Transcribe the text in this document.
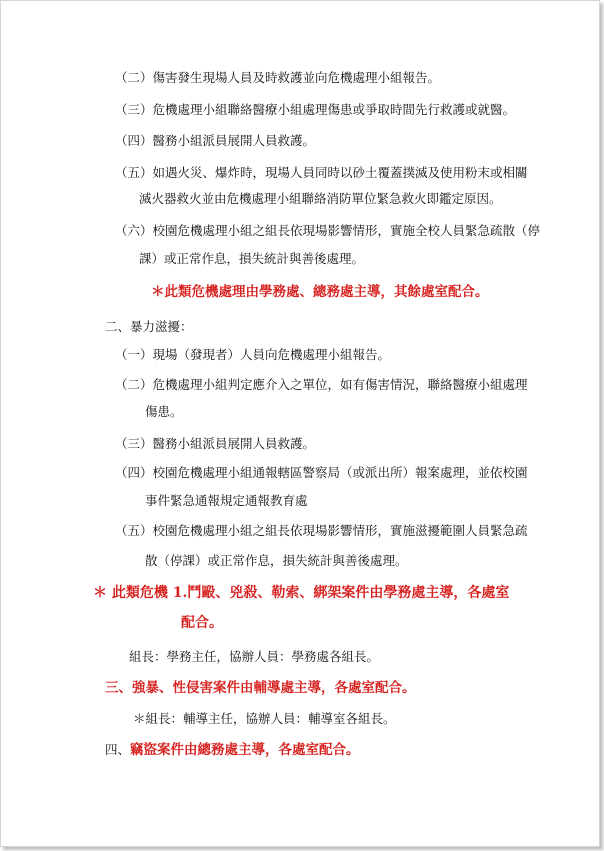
（二）傷害發生現場人員及時救護並向危機處理小組報告。
（三）危機處理小組聯絡醫療小組處理傷患或爭取時間先行救護或就醫。
（四）醫務小組派員展開人員救護。
（五）如遇火災、爆炸時，現場人員同時以砂土覆蓋撲滅及使用粉末或相關
滅火器救火並由危機處理小組聯絡消防單位緊急救火即鑑定原因。
（六）校園危機處理小組之組長依現場影響情形，實施全校人員緊急疏散（停
課）或正常作息，損失統計與善後處理。
＊此類危機處理由學務處、總務處主導，其餘處室配合。
二、暴力滋擾：
（一）現場（發現者）人員向危機處理小組報告。
（二）危機處理小組判定應介入之單位，如有傷害情況，聯絡醫療小組處理
傷患。
（三）醫務小組派員展開人員救護。
（四）校園危機處理小組通報轄區警察局（或派出所）報案處理，並依校園
事件緊急通報規定通報教育處
（五）校園危機處理小組之組長依現場影響情形，實施滋擾範圍人員緊急疏
散（停課）或正常作息，損失統計與善後處理。
＊ 此類危機 1.鬥毆、兇殺、勒索、綁架案件由學務處主導，各處室
配合。
組長：學務主任，協辦人員：學務處各組長。
三、強暴、性侵害案件由輔導處主導，各處室配合。
＊組長：輔導主任，協辦人員：輔導室各組長。
四、竊盜案件由總務處主導，各處室配合。
